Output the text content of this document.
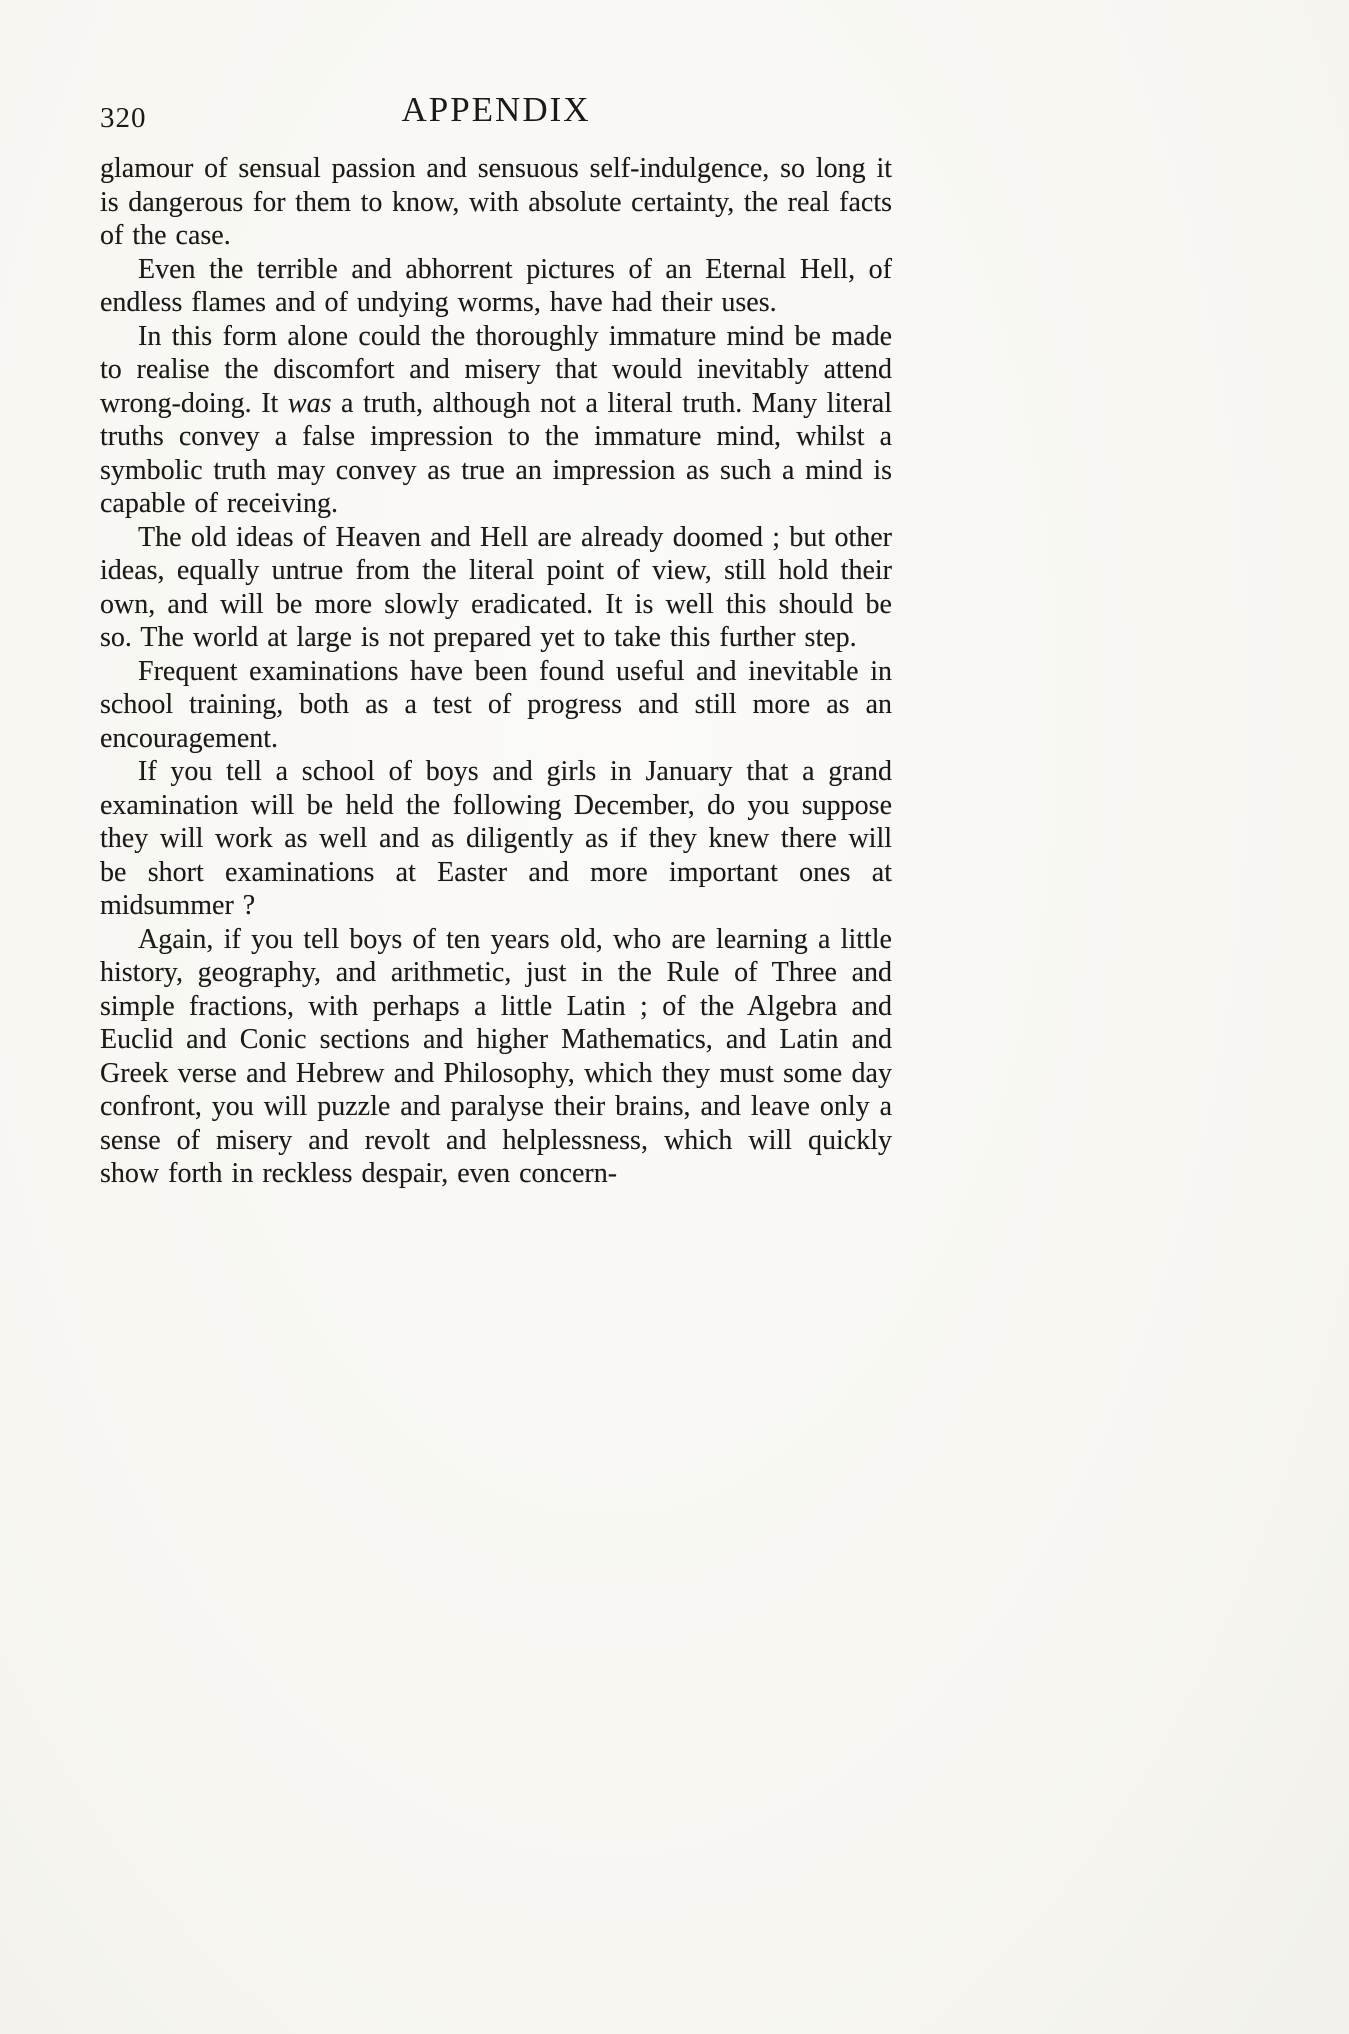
320	APPENDIX

glamour of sensual passion and sensuous self-indulgence, so long it is dangerous for them to know, with absolute certainty, the real facts of the case.

Even the terrible and abhorrent pictures of an Eternal Hell, of endless flames and of undying worms, have had their uses.

In this form alone could the thoroughly immature mind be made to realise the discomfort and misery that would inevitably attend wrong-doing. It was a truth, although not a literal truth. Many literal truths convey a false impression to the immature mind, whilst a symbolic truth may convey as true an impression as such a mind is capable of receiving.

The old ideas of Heaven and Hell are already doomed ; but other ideas, equally untrue from the literal point of view, still hold their own, and will be more slowly eradicated. It is well this should be so. The world at large is not prepared yet to take this further step.

Frequent examinations have been found useful and inevitable in school training, both as a test of progress and still more as an encouragement.

If you tell a school of boys and girls in January that a grand examination will be held the following December, do you suppose they will work as well and as diligently as if they knew there will be short examinations at Easter and more important ones at midsummer ?

Again, if you tell boys of ten years old, who are learning a little history, geography, and arithmetic, just in the Rule of Three and simple fractions, with perhaps a little Latin ; of the Algebra and Euclid and Conic sections and higher Mathematics, and Latin and Greek verse and Hebrew and Philosophy, which they must some day confront, you will puzzle and paralyse their brains, and leave only a sense of misery and revolt and helplessness, which will quickly show forth in reckless despair, even concern-
